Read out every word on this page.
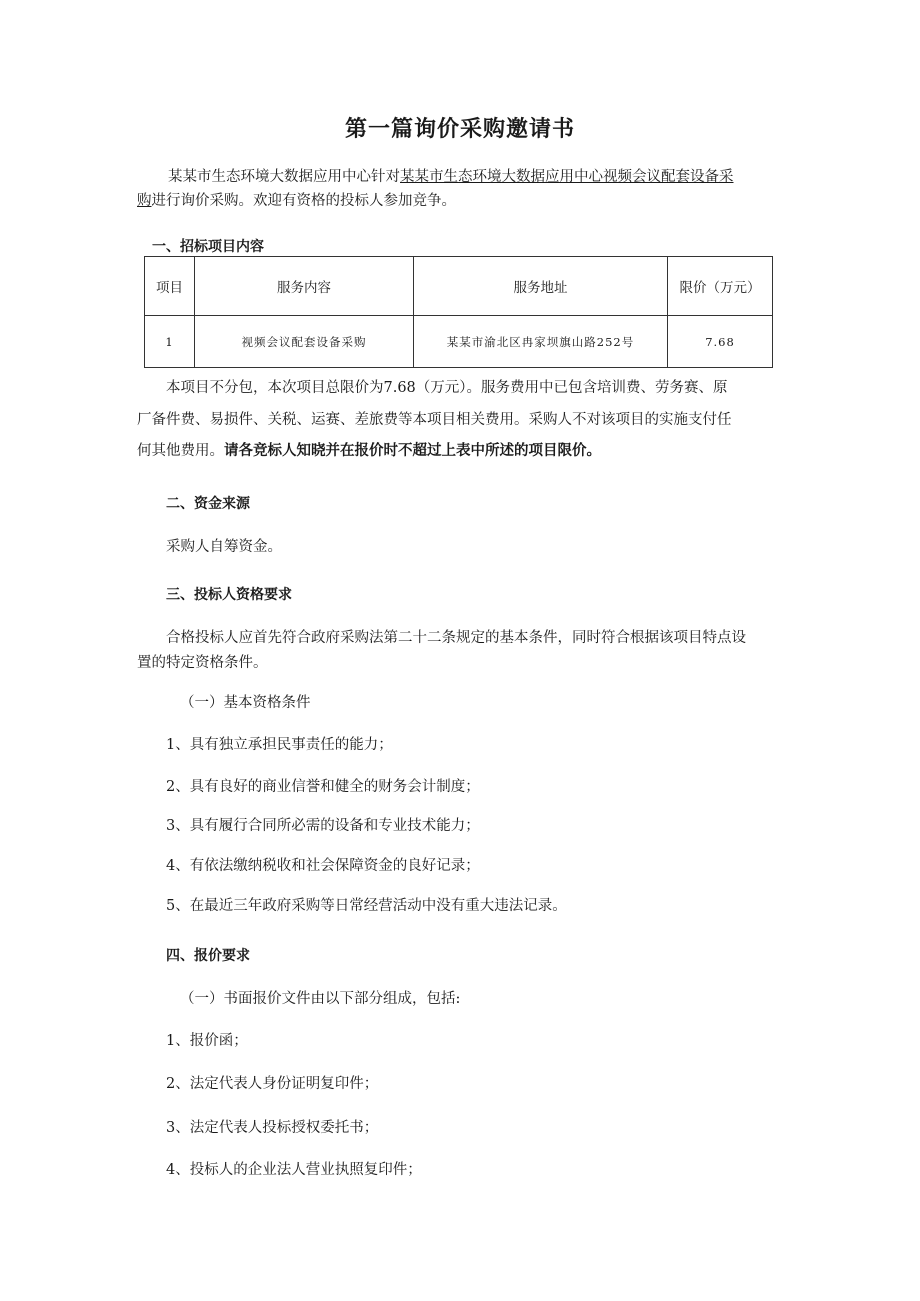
第一篇询价采购邀请书
某某市生态环境大数据应用中心针对某某市生态环境大数据应用中心视频会议配套设备采
购进行询价采购。欢迎有资格的投标人参加竞争。
一、招标项目内容
项目	服务内容	服务地址	限价（万元）
1	视频会议配套设备采购	某某市渝北区冉家坝旗山路252号	7.68
本项目不分包，本次项目总限价为7.68（万元）。服务费用中已包含培训费、劳务赛、原
厂备件费、易损件、关税、运赛、差旅费等本项目相关费用。采购人不对该项目的实施支付任
何其他费用。请各竞标人知晓并在报价时不超过上表中所述的项目限价。
二、资金来源
采购人自筹资金。
三、投标人资格要求
合格投标人应首先符合政府采购法第二十二条规定的基本条件，同时符合根据该项目特点设
置的特定资格条件。
（一）基本资格条件
1、具有独立承担民事责任的能力；
2、具有良好的商业信誉和健全的财务会计制度；
3、具有履行合同所必需的设备和专业技术能力；
4、有依法缴纳税收和社会保障资金的良好记录；
5、在最近三年政府采购等日常经营活动中没有重大违法记录。
四、报价要求
（一）书面报价文件由以下部分组成，包括:
1、报价函；
2、法定代表人身份证明复印件；
3、法定代表人投标授权委托书；
4、投标人的企业法人营业执照复印件；
